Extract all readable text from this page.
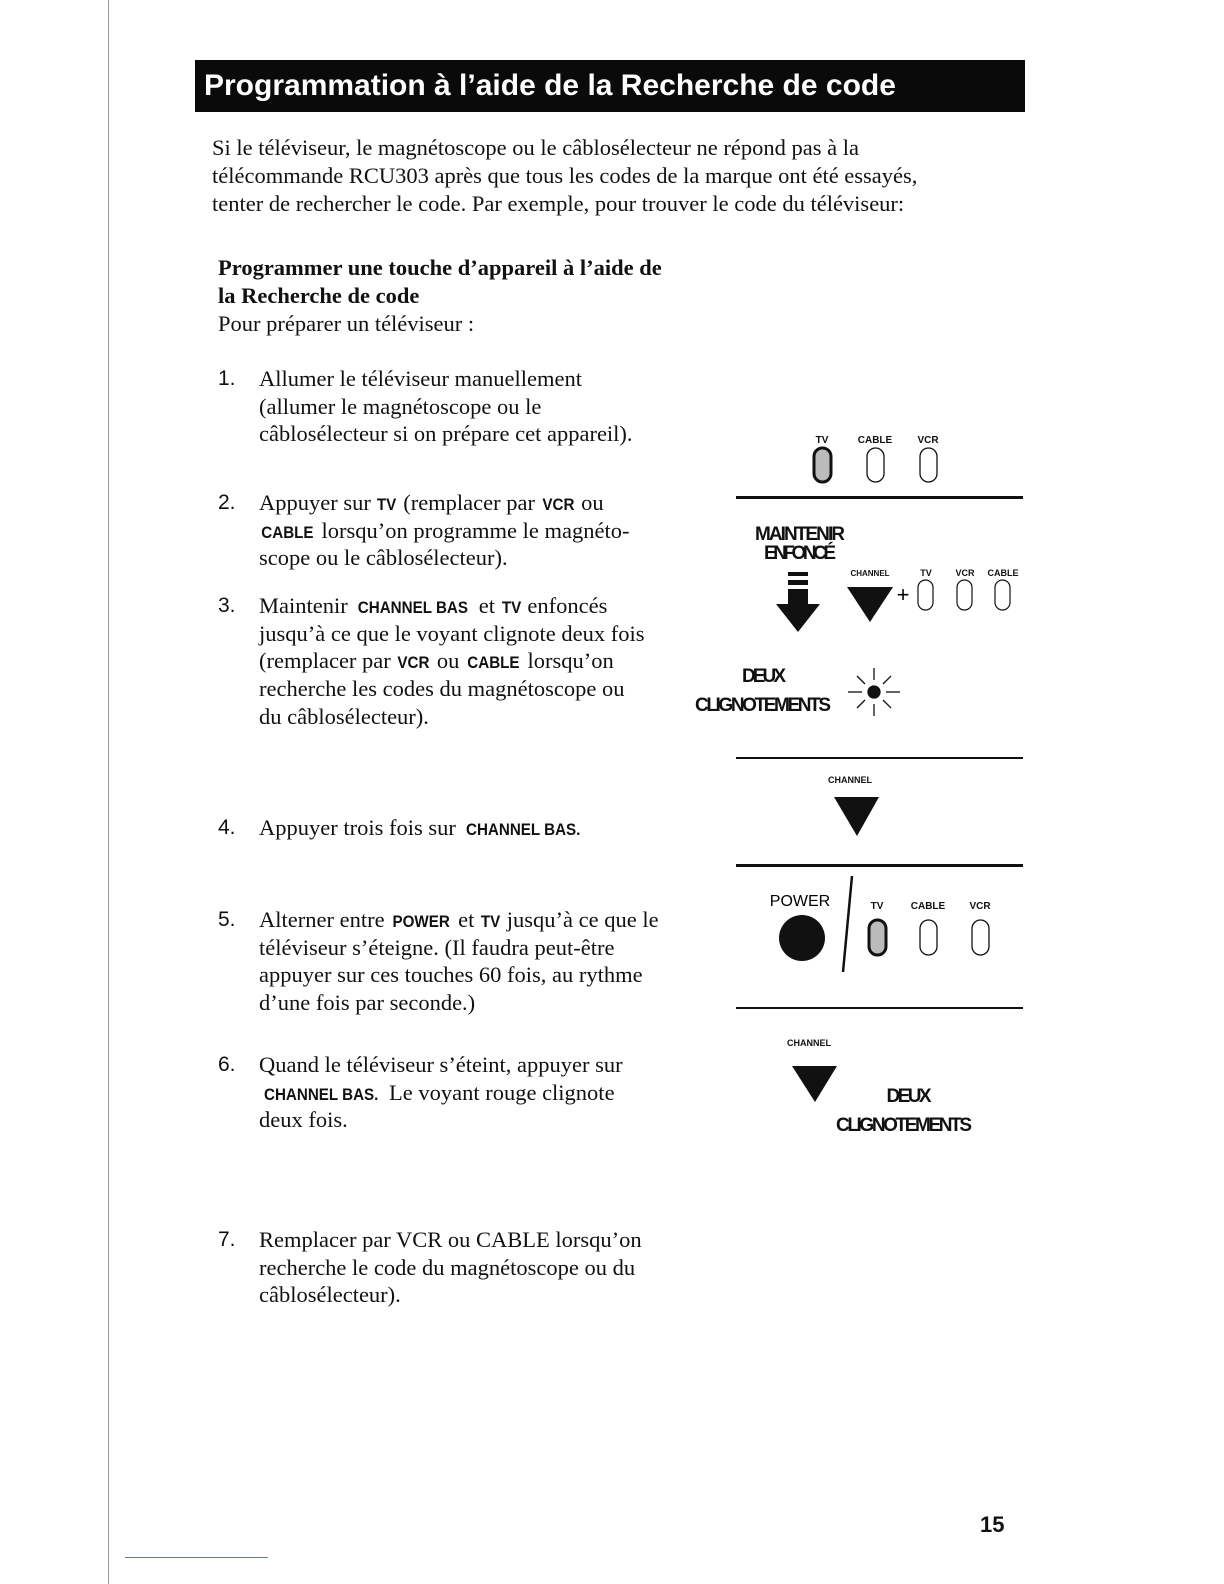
Programmation à l’aide de la Recherche de code
Si le téléviseur, le magnétoscope ou le câblosélecteur ne répond pas à la
télécommande RCU303 après que tous les codes de la marque ont été essayés,
tenter de rechercher le code. Par exemple, pour trouver le code du téléviseur:
Programmer une touche d’appareil à l’aide de
la Recherche de code
Pour préparer un téléviseur :
1. Allumer le téléviseur manuellement
(allumer le magnétoscope ou le
câblosélecteur si on prépare cet appareil).
2. Appuyer sur TV (remplacer par VCR ou
CABLE lorsqu’on programme le magnéto-
scope ou le câblosélecteur).
3. Maintenir CHANNEL BAS et TV enfoncés
jusqu’à ce que le voyant clignote deux fois
(remplacer par VCR ou CABLE lorsqu’on
recherche les codes du magnétoscope ou
du câblosélecteur).
4. Appuyer trois fois sur CHANNEL BAS.
5. Alterner entre POWER et TV jusqu’à ce que le
téléviseur s’éteigne. (Il faudra peut-être
appuyer sur ces touches 60 fois, au rythme
d’une fois par seconde.)
6. Quand le téléviseur s’éteint, appuyer sur
CHANNEL BAS. Le voyant rouge clignote
deux fois.
7. Remplacer par VCR ou CABLE lorsqu’on
recherche le code du magnétoscope ou du
câblosélecteur).
TV	CABLE	VCR
MAINTENIR
ENFONCÉ
CHANNEL
+
TV	VCR CABLE
DEUX
CLIGNOTEMENTS
CHANNEL
POWER	TV	CABLE VCR
CHANNEL
DEUX
CLIGNOTEMENTS
15
